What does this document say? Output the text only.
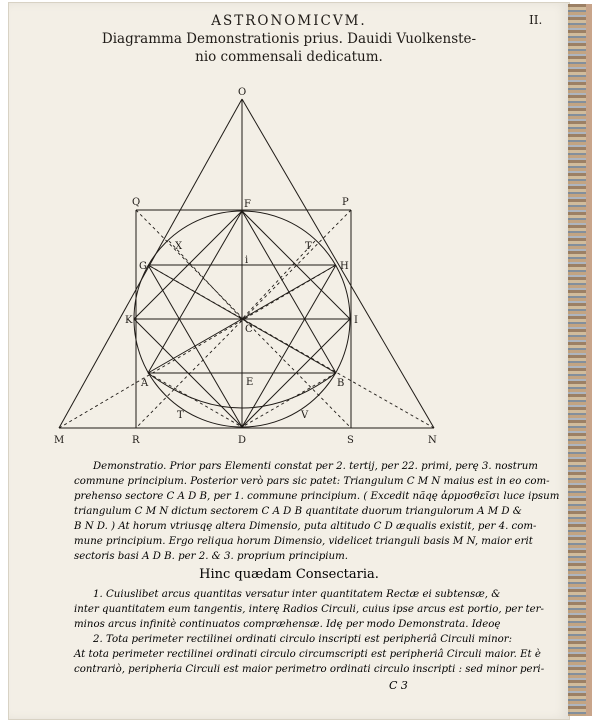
ASTRONOMICVM.	II.
Diagramma Demonstrationis prius. Dauidi Vuolkenste-
nio commensali dedicatum.
O
Q	F	P
X	T
G
i
H
K
C
I
A	E	B
T	V
M	R	D	S	N
Demonstratio. Prior pars Elementi constat per 2. tertij, per 22. primi, perę 3. nostrum
commune principium. Posterior verò pars sic patet: Triangulum C M N maius est in eo com-
prehenso sectore C A D B, per 1. commune principium. ( Excedit nãqę ἁρμοσθεῖσι luce ipsum
triangulum C M N dictum sectorem C A D B quantitate duorum triangulorum A M D &
B N D. ) At horum vtriusqę altera Dimensio, puta altitudo C D æqualis existit, per 4. com-
mune principium. Ergo reliqua horum Dimensio, videlicet trianguli basis M N, maior erit
sectoris basi A D B. per 2. & 3. proprium principium.
Hinc quædam Consectaria.
1. Cuiuslibet arcus quantitas versatur inter quantitatem Rectæ ei subtensæ, &
inter quantitatem eum tangentis, interę Radios Circuli, cuius ipse arcus est portio, per ter-
minos arcus infinitè continuatos compræhensæ. Idę per modo Demonstrata. Ideoę
2. Tota perimeter rectilinei ordinati circulo inscripti est peripheriâ Circuli minor:
At tota perimeter rectilinei ordinati circulo circumscripti est peripheriâ Circuli maior. Et è
contrariò, peripheria Circuli est maior perimetro ordinati circulo inscripti : sed minor peri-
C 3
